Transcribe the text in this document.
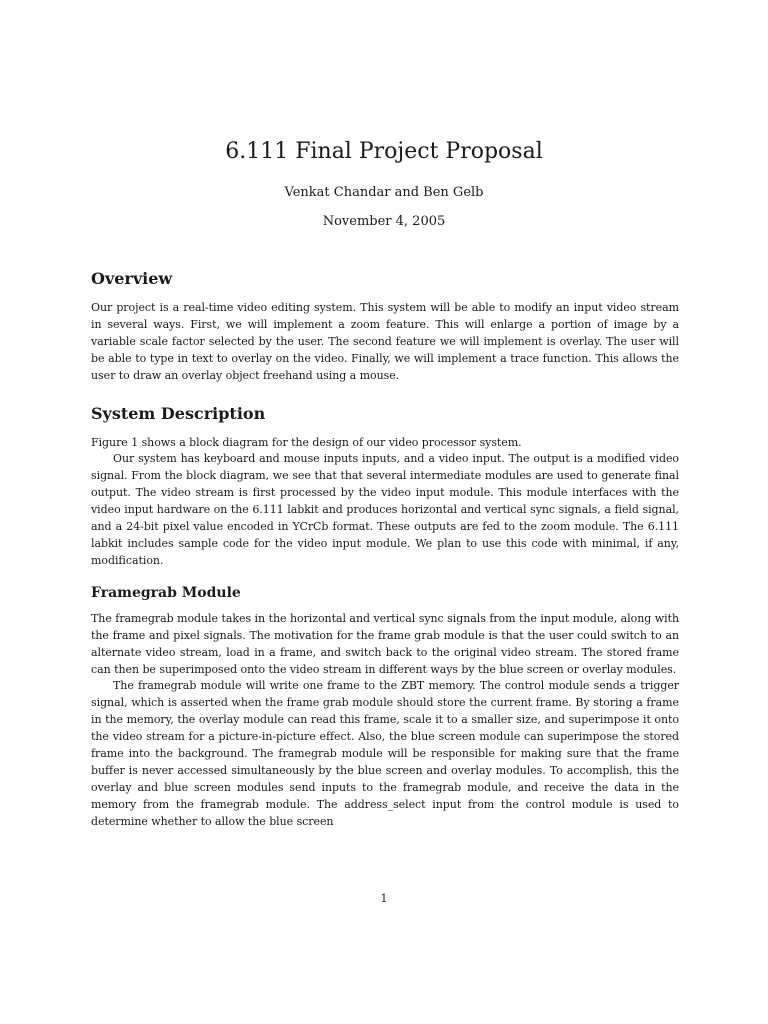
6.111 Final Project Proposal
Venkat Chandar and Ben Gelb
November 4, 2005
Overview

Our project is a real-time video editing system. This system will be able to modify an input video stream in several ways. First, we will implement a zoom feature. This will enlarge a portion of image by a variable scale factor selected by the user. The second feature we will implement is overlay. The user will be able to type in text to overlay on the video. Finally, we will implement a trace function. This allows the user to draw an overlay object freehand using a mouse.

System Description

Figure 1 shows a block diagram for the design of our video processor system.

Our system has keyboard and mouse inputs inputs, and a video input. The output is a modified video signal. From the block diagram, we see that that several intermediate modules are used to generate final output. The video stream is first processed by the video input module. This module interfaces with the video input hardware on the 6.111 labkit and produces horizontal and vertical sync signals, a field signal, and a 24-bit pixel value encoded in YCrCb format. These outputs are fed to the zoom module. The 6.111 labkit includes sample code for the video input module. We plan to use this code with minimal, if any, modification.

Framegrab Module

The framegrab module takes in the horizontal and vertical sync signals from the input module, along with the frame and pixel signals. The motivation for the frame grab module is that the user could switch to an alternate video stream, load in a frame, and switch back to the original video stream. The stored frame can then be superimposed onto the video stream in different ways by the blue screen or overlay modules.

The framegrab module will write one frame to the ZBT memory. The control module sends a trigger signal, which is asserted when the frame grab module should store the current frame. By storing a frame in the memory, the overlay module can read this frame, scale it to a smaller size, and superimpose it onto the video stream for a picture-in-picture effect. Also, the blue screen module can superimpose the stored frame into the background. The framegrab module will be responsible for making sure that the frame buffer is never accessed simultaneously by the blue screen and overlay modules. To accomplish, this the overlay and blue screen modules send inputs to the framegrab module, and receive the data in the memory from the framegrab module. The address_select input from the control module is used to determine whether to allow the blue screen

1
